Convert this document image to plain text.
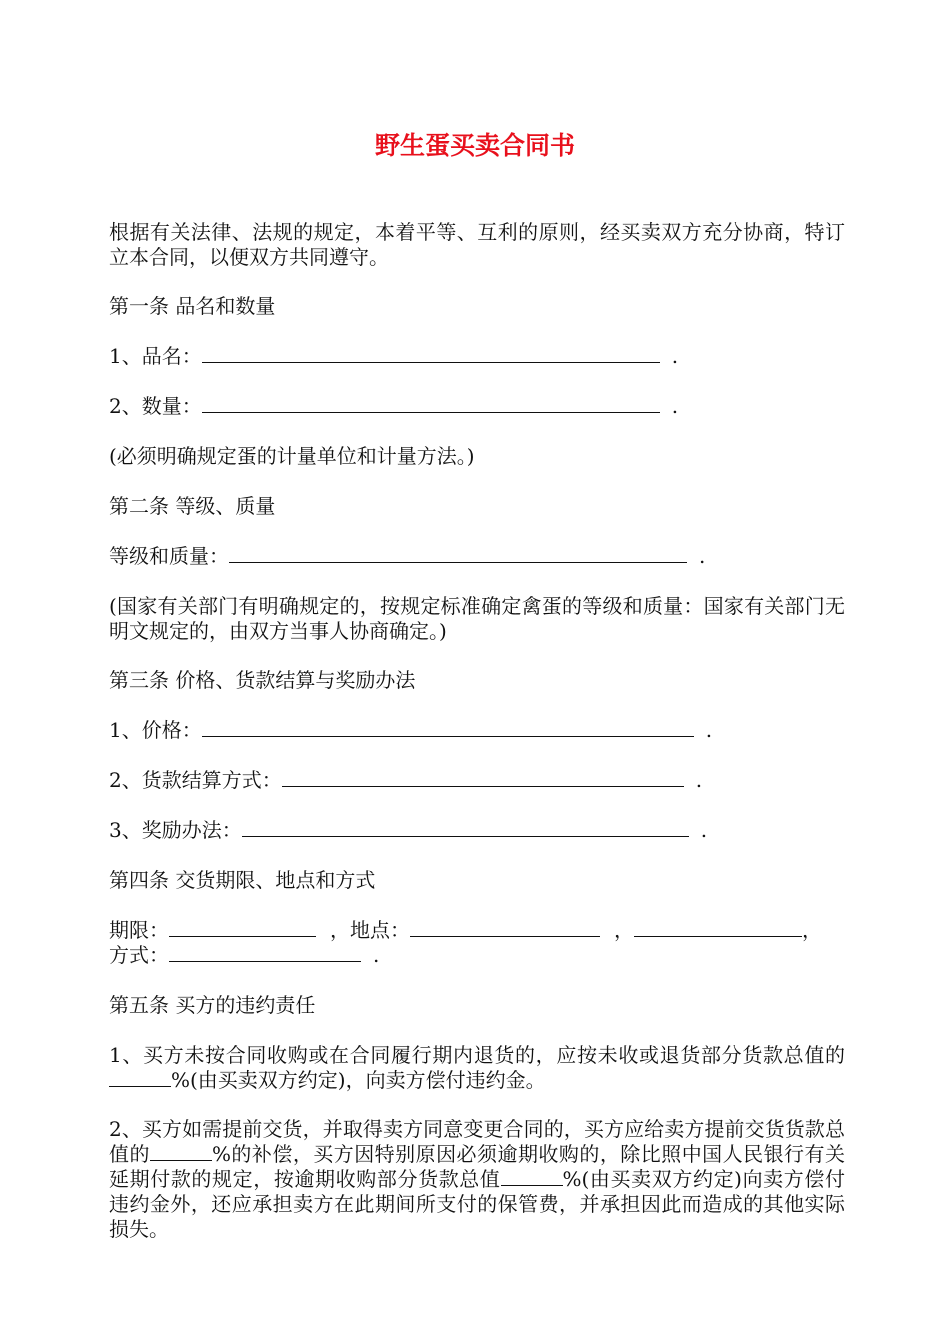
野生蛋买卖合同书
根据有关法律、法规的规定，本着平等、互利的原则，经买卖双方充分协商，特订立本合同，以便双方共同遵守。
第一条 品名和数量
1、品名：	.
2、数量：	.
(必须明确规定蛋的计量单位和计量方法。)
第二条 等级、质量
等级和质量：	.
(国家有关部门有明确规定的，按规定标准确定禽蛋的等级和质量：国家有关部门无明文规定的，由双方当事人协商确定。)
第三条 价格、货款结算与奖励办法
1、价格：	.
2、货款结算方式：	.
3、奖励办法：	.
第四条 交货期限、地点和方式
期限：	，地点：	，	，
方式：	.
第五条 买方的违约责任
1、买方未按合同收购或在合同履行期内退货的，应按未收或退货部分货款总值的%(由买卖双方约定)，向卖方偿付违约金。
2、买方如需提前交货，并取得卖方同意变更合同的，买方应给卖方提前交货货款总值的	%的补偿，买方因特别原因必须逾期收购的，除比照中国人民银行有关延期付款的规定，按逾期收购部分货款总值	%(由买卖双方约定)向卖方偿付违约金外，还应承担卖方在此期间所支付的保管费，并承担因此而造成的其他实际损失。
